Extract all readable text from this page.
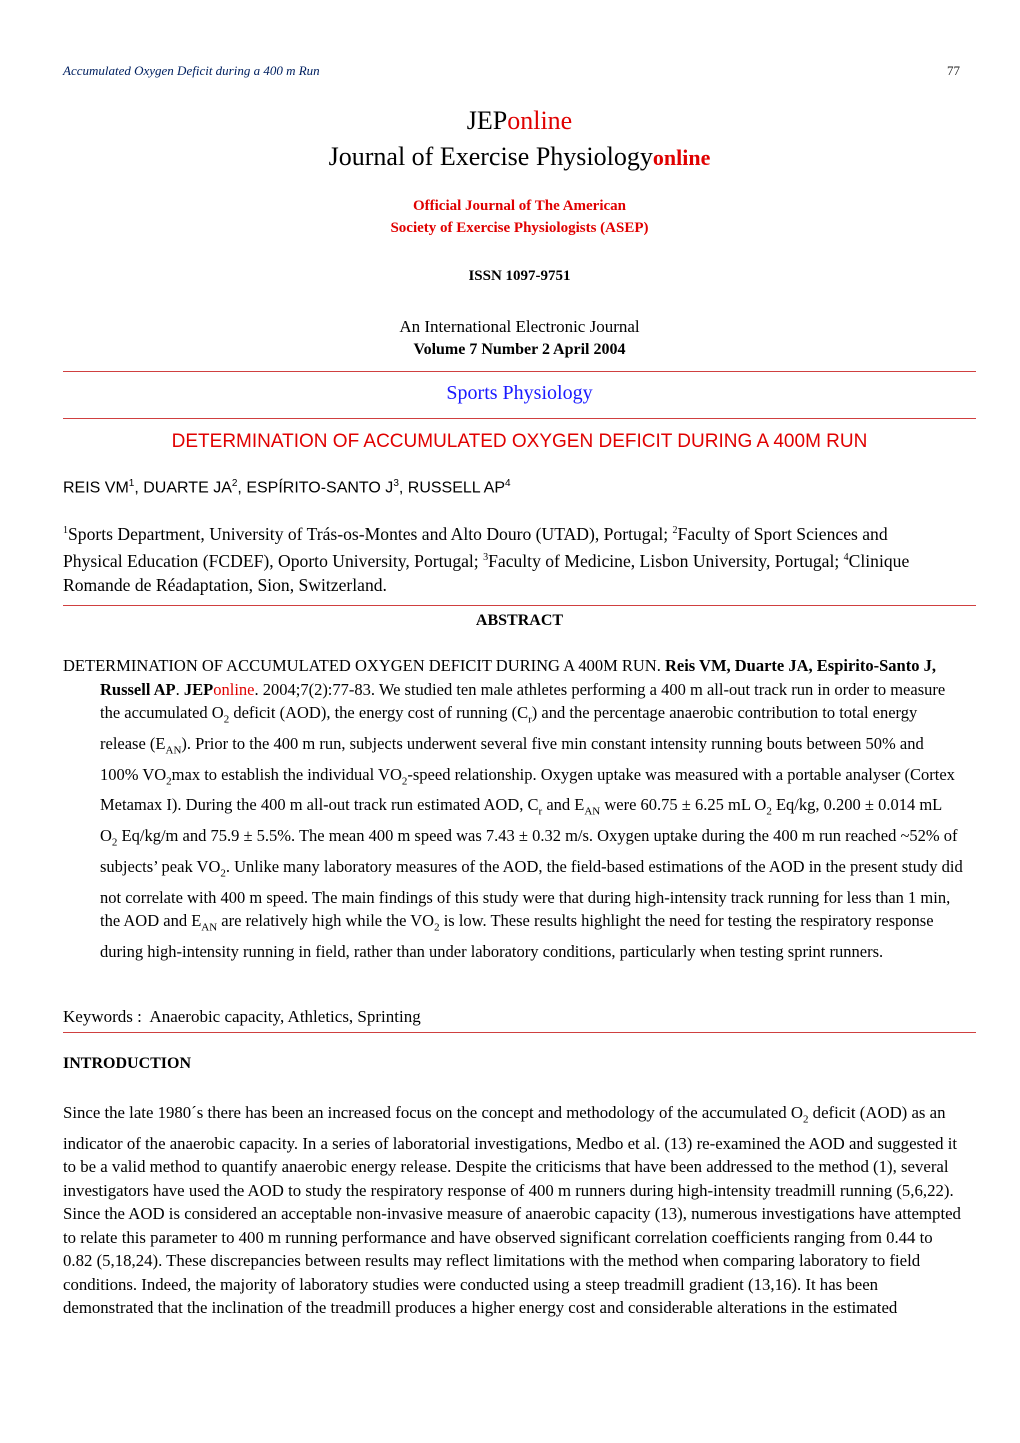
Accumulated Oxygen Deficit during a 400 m Run	77
JEPonline
Journal of Exercise Physiologyonline
Official Journal of The American
Society of Exercise Physiologists (ASEP)
ISSN 1097-9751
An International Electronic Journal
Volume 7 Number 2 April 2004
Sports Physiology
DETERMINATION OF ACCUMULATED OXYGEN DEFICIT DURING A 400M RUN
REIS $VM^1$, DUARTE $JA^2$, ESPÍRITO-SANTO $J^3$, RUSSELL $AP^4$
$^1$Sports Department, University of Trás-os-Montes and Alto Douro (UTAD), Portugal; $^2$Faculty of Sport Sciences and Physical Education (FCDEF), Oporto University, Portugal; $^3$Faculty of Medicine, Lisbon University, Portugal; $^4$Clinique Romande de Réadaptation, Sion, Switzerland.
ABSTRACT
DETERMINATION OF ACCUMULATED OXYGEN DEFICIT DURING A 400M RUN. Reis VM, Duarte JA, Espirito-Santo J, Russell AP. JEPonline. 2004;7(2):77-83. We studied ten male athletes performing a 400 m all-out track run in order to measure the accumulated $O_2$ deficit (AOD), the energy cost of running $(C_r)$ and the percentage anaerobic contribution to total energy release $(E_{AN})$. Prior to the 400 m run, subjects underwent several five min constant intensity running bouts between 50% and 100% $VO_2\max$ to establish the individual $VO_2$-speed relationship. Oxygen uptake was measured with a portable analyser (Cortex Metamax I). During the 400 m all-out track run estimated AOD, $C_r$ and $E_{AN}$ were 60.75 ± 6.25 mL $O_2$ Eq/kg, 0.200 ± 0.014 mL $O_2$ Eq/kg/m and 75.9 ± 5.5%. The mean 400 m speed was 7.43 ± 0.32 m/s. Oxygen uptake during the 400 m run reached ~52% of subjects’ peak $VO_2$. Unlike many laboratory measures of the AOD, the field-based estimations of the AOD in the present study did not correlate with 400 m speed. The main findings of this study were that during high-intensity track running for less than 1 min, the AOD and $E_{AN}$ are relatively high while the $VO_2$ is low. These results highlight the need for testing the respiratory response during high-intensity running in field, rather than under laboratory conditions, particularly when testing sprint runners.
Keywords : Anaerobic capacity, Athletics, Sprinting
INTRODUCTION

Since the late 1980´s there has been an increased focus on the concept and methodology of the accumulated $O_2$ deficit (AOD) as an indicator of the anaerobic capacity. In a series of laboratorial investigations, Medbo et al. (13) re-examined the AOD and suggested it to be a valid method to quantify anaerobic energy release. Despite the criticisms that have been addressed to the method (1), several investigators have used the AOD to study the respiratory response of 400 m runners during high-intensity treadmill running (5,6,22).

Since the AOD is considered an acceptable non-invasive measure of anaerobic capacity (13), numerous investigations have attempted to relate this parameter to 400 m running performance and have observed significant correlation coefficients ranging from 0.44 to 0.82 (5,18,24). These discrepancies between results may reflect limitations with the method when comparing laboratory to field conditions. Indeed, the majority of laboratory studies were conducted using a steep treadmill gradient (13,16). It has been demonstrated that the inclination of the treadmill produces a higher energy cost and considerable alterations in the estimated
